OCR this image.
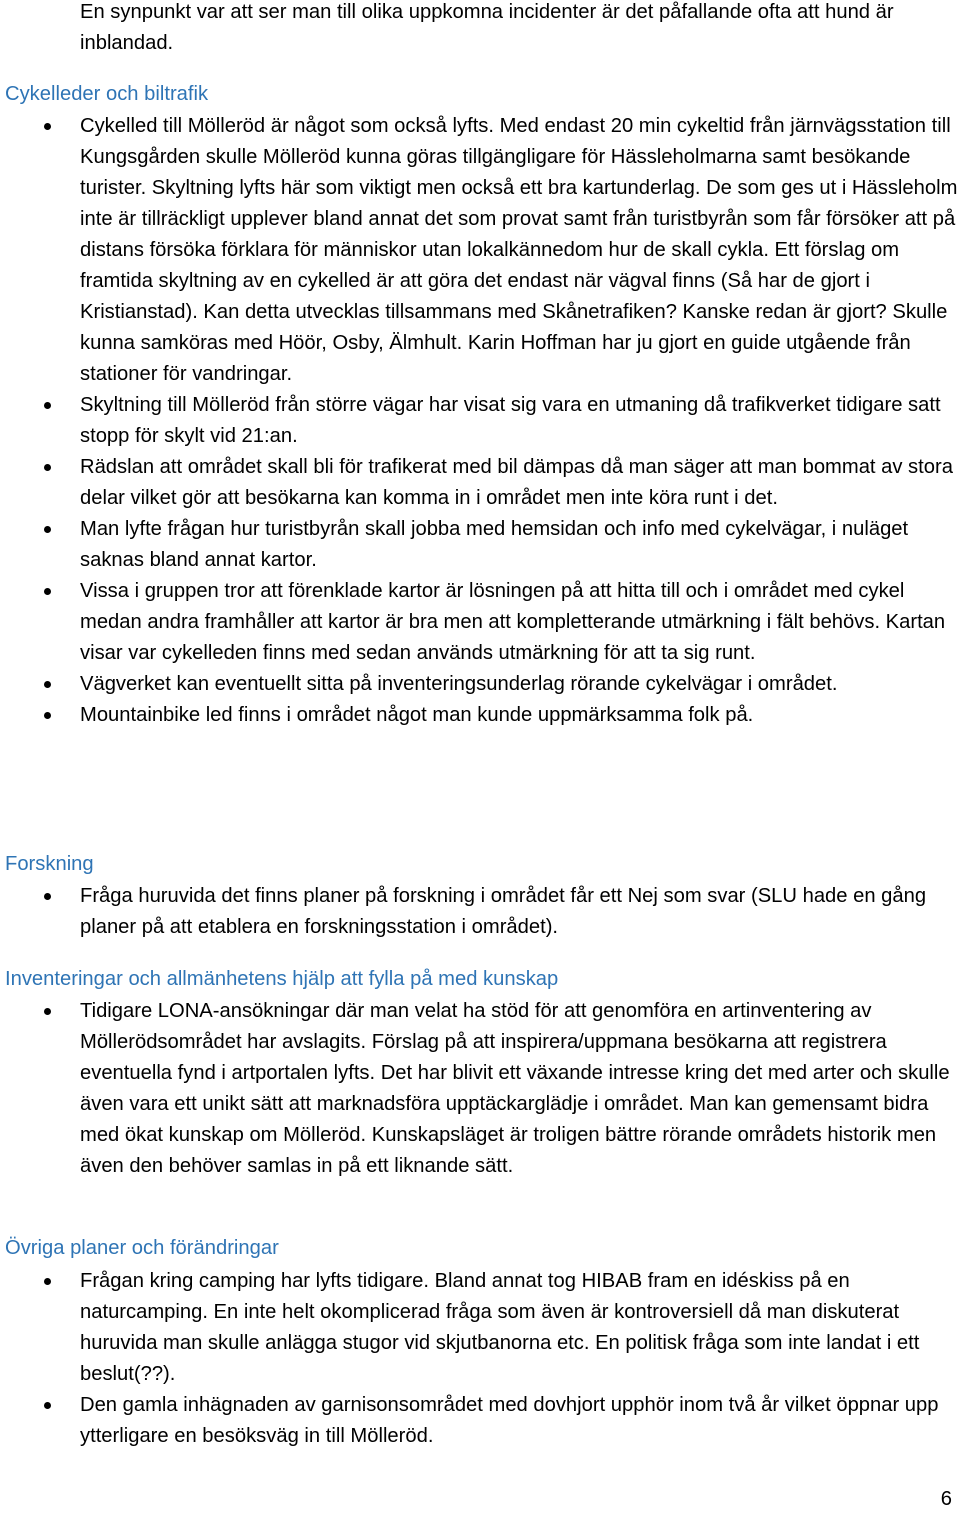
En synpunkt var att ser man till olika uppkomna incidenter är det påfallande ofta att hund är inblandad.

Cykelleder och biltrafik
Cykelled till Mölleröd är något som också lyfts. Med endast 20 min cykeltid från järnvägsstation till Kungsgården skulle Mölleröd kunna göras tillgängligare för Hässleholmarna samt besökande turister. Skyltning lyfts här som viktigt men också ett bra kartunderlag. De som ges ut i Hässleholm inte är tillräckligt upplever bland annat det som provat samt från turistbyrån som får försöker att på distans försöka förklara för människor utan lokalkännedom hur de skall cykla. Ett förslag om framtida skyltning av en cykelled är att göra det endast när vägval finns (Så har de gjort i Kristianstad). Kan detta utvecklas tillsammans med Skånetrafiken? Kanske redan är gjort? Skulle kunna samköras med Höör, Osby, Älmhult. Karin Hoffman har ju gjort en guide utgående från stationer för vandringar.
Skyltning till Mölleröd från större vägar har visat sig vara en utmaning då trafikverket tidigare satt stopp för skylt vid 21:an.
Rädslan att området skall bli för trafikerat med bil dämpas då man säger att man bommat av stora delar vilket gör att besökarna kan komma in i området men inte köra runt i det.
Man lyfte frågan hur turistbyrån skall jobba med hemsidan och info med cykelvägar, i nuläget saknas bland annat kartor.
Vissa i gruppen tror att förenklade kartor är lösningen på att hitta till och i området med cykel medan andra framhåller att kartor är bra men att kompletterande utmärkning i fält behövs. Kartan visar var cykelleden finns med sedan används utmärkning för att ta sig runt.
Vägverket kan eventuellt sitta på inventeringsunderlag rörande cykelvägar i området.
Mountainbike led finns i området något man kunde uppmärksamma folk på.
Forskning
Fråga huruvida det finns planer på forskning i området får ett Nej som svar (SLU hade en gång planer på att etablera en forskningsstation i området).
Inventeringar och allmänhetens hjälp att fylla på med kunskap
Tidigare LONA-ansökningar där man velat ha stöd för att genomföra en artinventering av Möllerödsområdet har avslagits. Förslag på att inspirera/uppmana besökarna att registrera eventuella fynd i artportalen lyfts. Det har blivit ett växande intresse kring det med arter och skulle även vara ett unikt sätt att marknadsföra upptäckarglädje i området. Man kan gemensamt bidra med ökat kunskap om Mölleröd. Kunskapsläget är troligen bättre rörande områdets historik men även den behöver samlas in på ett liknande sätt.
Övriga planer och förändringar
Frågan kring camping har lyfts tidigare. Bland annat tog HIBAB fram en idéskiss på en naturcamping. En inte helt okomplicerad fråga som även är kontroversiell då man diskuterat huruvida man skulle anlägga stugor vid skjutbanorna etc. En politisk fråga som inte landat i ett beslut(??).
Den gamla inhägnaden av garnisonsområdet med dovhjort upphör inom två år vilket öppnar upp ytterligare en besöksväg in till Mölleröd.
6
